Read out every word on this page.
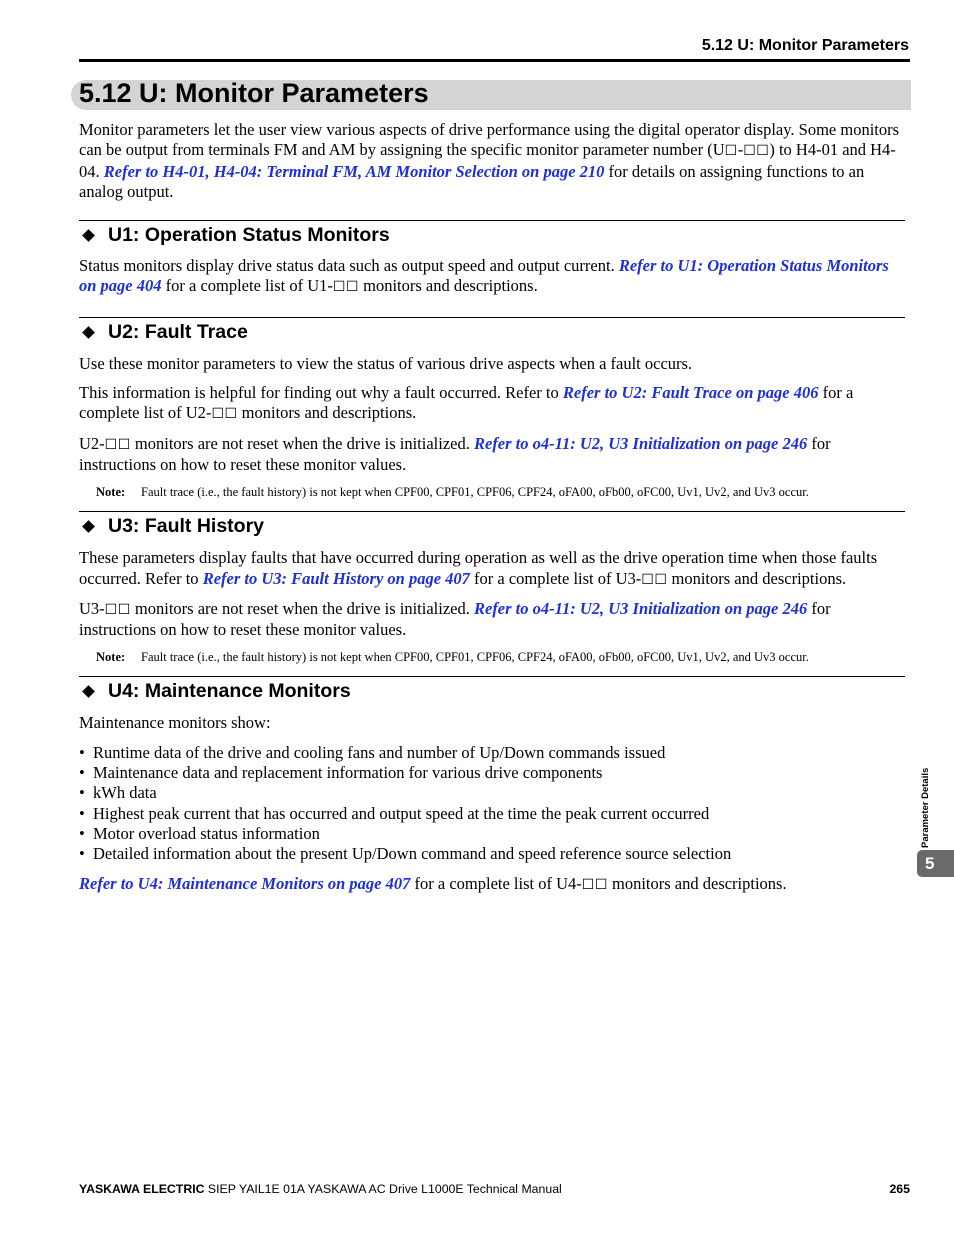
5.12 U: Monitor Parameters
5.12 U: Monitor Parameters

Monitor parameters let the user view various aspects of drive performance using the digital operator display. Some monitors can be output from terminals FM and AM by assigning the specific monitor parameter number (U☐-☐☐) to H4-01 and H4-04. Refer to H4-01, H4-04: Terminal FM, AM Monitor Selection on page 210 for details on assigning functions to an analog output.

U1: Operation Status Monitors

Status monitors display drive status data such as output speed and output current. Refer to U1: Operation Status Monitors on page 404 for a complete list of U1-☐☐ monitors and descriptions.

U2: Fault Trace

Use these monitor parameters to view the status of various drive aspects when a fault occurs.

This information is helpful for finding out why a fault occurred. Refer to Refer to U2: Fault Trace on page 406 for a complete list of U2-☐☐ monitors and descriptions.

U2-☐☐ monitors are not reset when the drive is initialized. Refer to o4-11: U2, U3 Initialization on page 246 for instructions on how to reset these monitor values.

Note:	Fault trace (i.e., the fault history) is not kept when CPF00, CPF01, CPF06, CPF24, oFA00, oFb00, oFC00, Uv1, Uv2, and Uv3 occur.
U3: Fault History

These parameters display faults that have occurred during operation as well as the drive operation time when those faults occurred. Refer to Refer to U3: Fault History on page 407 for a complete list of U3-☐☐ monitors and descriptions.

U3-☐☐ monitors are not reset when the drive is initialized. Refer to o4-11: U2, U3 Initialization on page 246 for instructions on how to reset these monitor values.

Note:	Fault trace (i.e., the fault history) is not kept when CPF00, CPF01, CPF06, CPF24, oFA00, oFb00, oFC00, Uv1, Uv2, and Uv3 occur.
U4: Maintenance Monitors

Maintenance monitors show:

• Runtime data of the drive and cooling fans and number of Up/Down commands issued
• Maintenance data and replacement information for various drive components
• kWh data
• Highest peak current that has occurred and output speed at the time the peak current occurred
• Motor overload status information
• Detailed information about the present Up/Down command and speed reference source selection

Refer to U4: Maintenance Monitors on page 407 for a complete list of U4-☐☐ monitors and descriptions.

Parameter Details
5
YASKAWA ELECTRIC SIEP YAIL1E 01A YASKAWA AC Drive L1000E Technical Manual	265
